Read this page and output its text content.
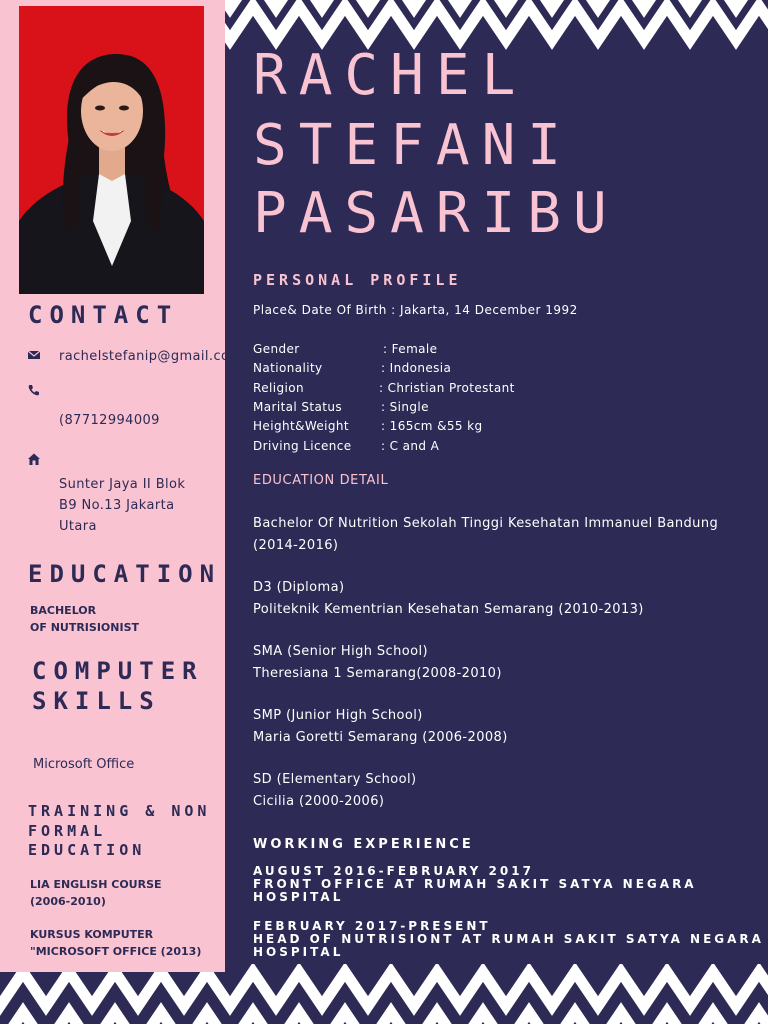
CONTACT
rachelstefanip@gmail.com
(87712994009
Sunter Jaya II Blok B9 No.13 Jakarta Utara
EDUCATION
BACHELOR
OF NUTRISIONIST
COMPUTER
SKILLS
Microsoft Office
TRAINING & NON
FORMAL
EDUCATION
LIA ENGLISH COURSE
(2006-2010)
KURSUS KOMPUTER
"MICROSOFT OFFICE (2013)
RACHEL
STEFANI
PASARIBU
PERSONAL PROFILE
Place& Date Of Birth : Jakarta, 14 December 1992
Gender	: Female
Nationality	: Indonesia
Religion	: Christian Protestant
Marital Status	: Single
Height&Weight	: 165cm &55 kg
Driving Licence : C and A
EDUCATION DETAIL
Bachelor Of Nutrition Sekolah Tinggi Kesehatan Immanuel Bandung
(2014-2016)
D3 (Diploma)
Politeknik Kementrian Kesehatan Semarang (2010-2013)
SMA (Senior High School)
Theresiana 1 Semarang(2008-2010)
SMP (Junior High School)
Maria Goretti Semarang (2006-2008)
SD (Elementary School)
Cicilia (2000-2006)
WORKING EXPERIENCE
AUGUST 2016-FEBRUARY 2017
FRONT OFFICE AT RUMAH SAKIT SATYA NEGARA HOSPITAL
FEBRUARY 2017-PRESENT
HEAD OF NUTRISIONT AT RUMAH SAKIT SATYA NEGARA HOSPITAL
